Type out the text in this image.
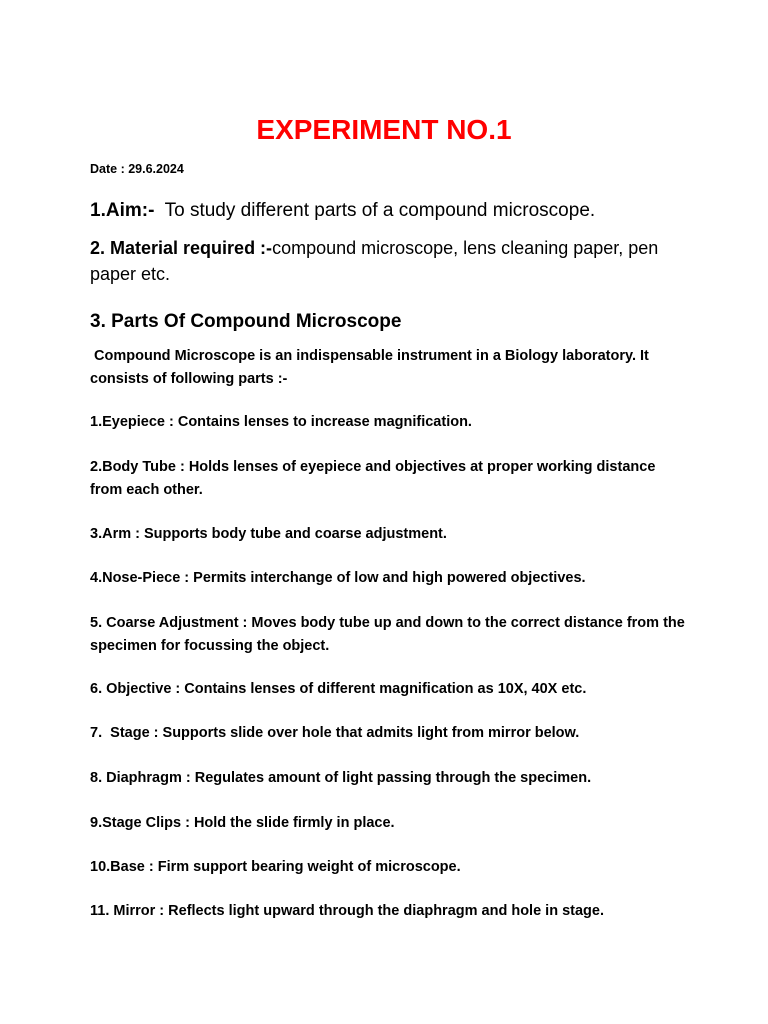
EXPERIMENT NO.1
Date : 29.6.2024
1.Aim:-  To study different parts of a compound microscope.
2. Material required :-compound microscope, lens cleaning paper, pen paper etc.
3. Parts Of Compound Microscope

Compound Microscope is an indispensable instrument in a Biology laboratory. It consists of following parts :-

1.Eyepiece : Contains lenses to increase magnification.
2.Body Tube : Holds lenses of eyepiece and objectives at proper working distance from each other.
3.Arm : Supports body tube and coarse adjustment.
4.Nose-Piece : Permits interchange of low and high powered objectives.
5. Coarse Adjustment : Moves body tube up and down to the correct distance from the specimen for focussing the object.
6. Objective : Contains lenses of different magnification as 10X, 40X etc.
7.  Stage : Supports slide over hole that admits light from mirror below.
8. Diaphragm : Regulates amount of light passing through the specimen.
9.Stage Clips : Hold the slide firmly in place.
10.Base : Firm support bearing weight of microscope.
11. Mirror : Reflects light upward through the diaphragm and hole in stage.
